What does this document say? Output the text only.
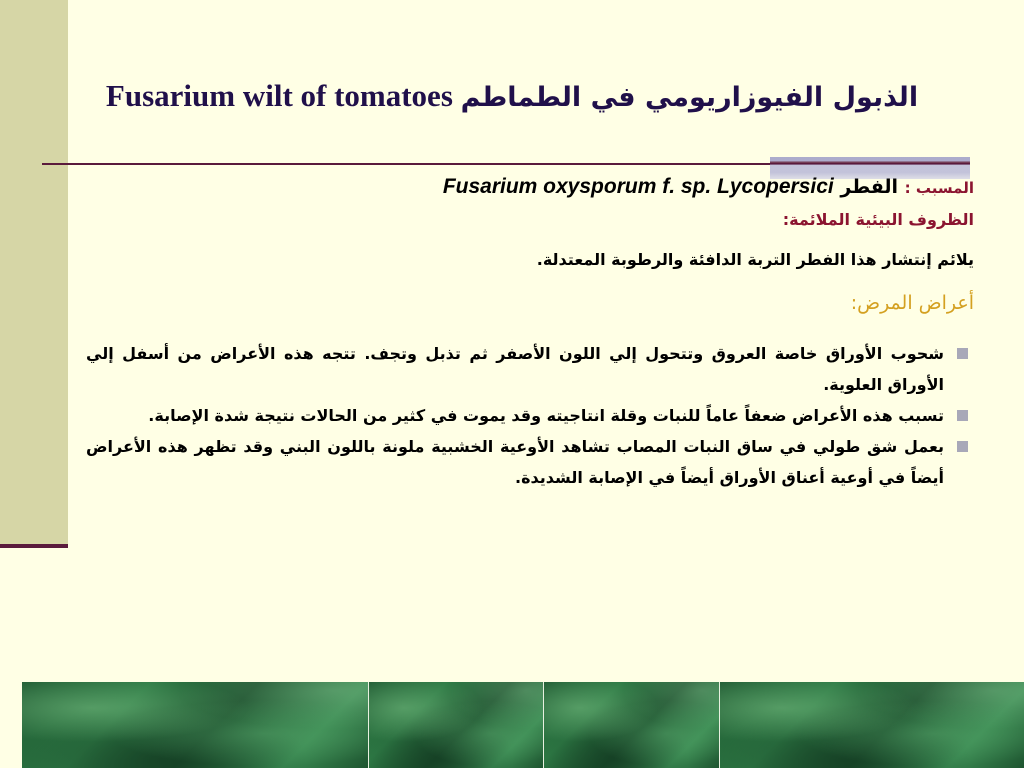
Fusarium wilt of tomatoes الذبول الفيوزاريومي في الطماطم
المسبب : الفطر Fusarium oxysporum f. sp. Lycopersici
الظروف البيئية الملائمة:
يلائم إنتشار هذا الفطر التربة الدافئة والرطوبة المعتدلة.
أعراض المرض:
شحوب الأوراق خاصة العروق وتتحول إلي اللون الأصفر ثم تذبل وتجف. تتجه هذه الأعراض من أسفل إلي الأوراق العلوية.
تسبب هذه الأعراض ضعفاً عاماً للنبات وقلة انتاجيته وقد يموت في كثير من الحالات نتيجة شدة الإصابة.
بعمل شق طولي في ساق النبات المصاب تشاهد الأوعية الخشبية ملونة باللون البني وقد تظهر هذه الأعراض أيضاً في أوعية أعناق الأوراق أيضاً في الإصابة الشديدة.
